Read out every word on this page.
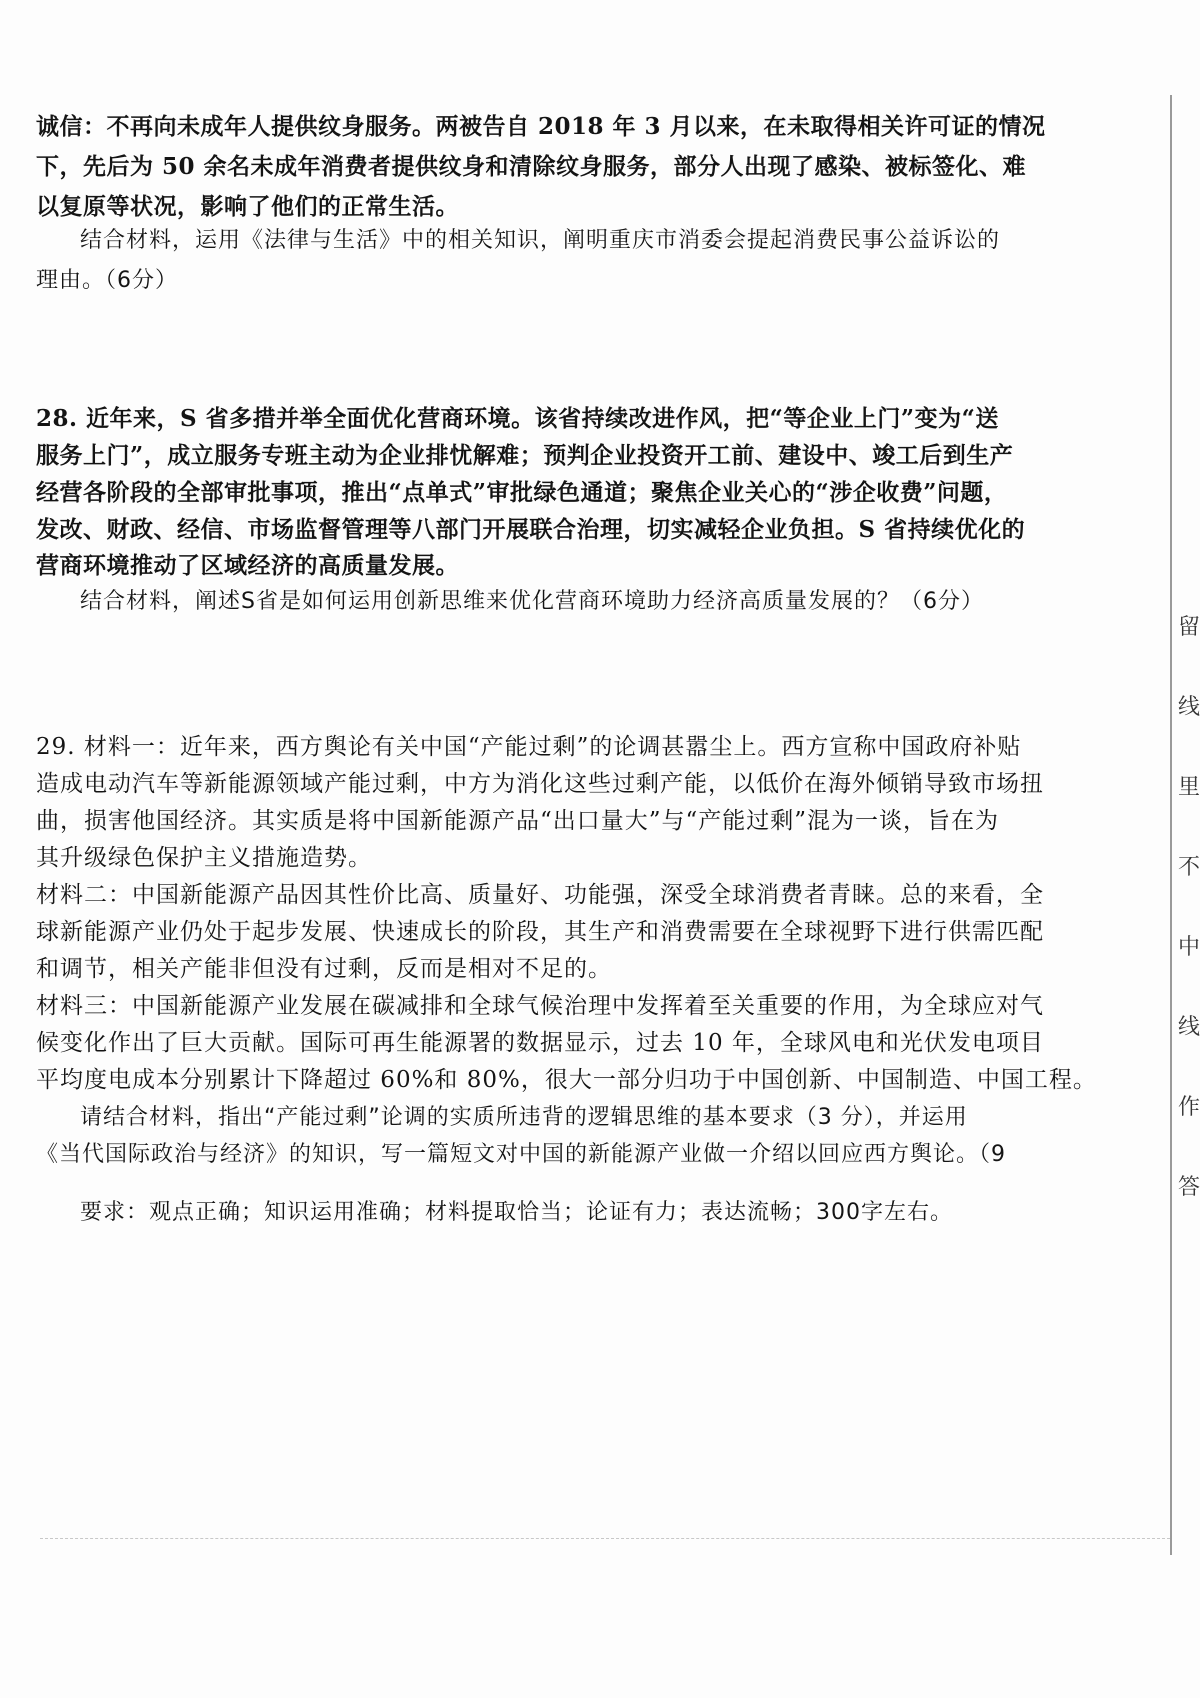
诚信：不再向未成年人提供纹身服务。两被告自 2018 年 3 月以来，在未取得相关许可证的情况
下，先后为 50 余名未成年消费者提供纹身和清除纹身服务，部分人出现了感染、被标签化、难
以复原等状况，影响了他们的正常生活。
结合材料，运用《法律与生活》中的相关知识，阐明重庆市消委会提起消费民事公益诉讼的
理由。（6分）
28. 近年来，S 省多措并举全面优化营商环境。该省持续改进作风，把“等企业上门”变为“送
服务上门”，成立服务专班主动为企业排忧解难；预判企业投资开工前、建设中、竣工后到生产
经营各阶段的全部审批事项，推出“点单式”审批绿色通道；聚焦企业关心的“涉企收费”问题，
发改、财政、经信、市场监督管理等八部门开展联合治理，切实减轻企业负担。S 省持续优化的
营商环境推动了区域经济的高质量发展。
结合材料，阐述S省是如何运用创新思维来优化营商环境助力经济高质量发展的？（6分）
29. 材料一：近年来，西方舆论有关中国“产能过剩”的论调甚嚣尘上。西方宣称中国政府补贴
造成电动汽车等新能源领域产能过剩，中方为消化这些过剩产能，以低价在海外倾销导致市场扭
曲，损害他国经济。其实质是将中国新能源产品“出口量大”与“产能过剩”混为一谈，旨在为
其升级绿色保护主义措施造势。
材料二：中国新能源产品因其性价比高、质量好、功能强，深受全球消费者青睐。总的来看，全
球新能源产业仍处于起步发展、快速成长的阶段，其生产和消费需要在全球视野下进行供需匹配
和调节，相关产能非但没有过剩，反而是相对不足的。
材料三：中国新能源产业发展在碳减排和全球气候治理中发挥着至关重要的作用，为全球应对气
候变化作出了巨大贡献。国际可再生能源署的数据显示，过去 10 年，全球风电和光伏发电项目
平均度电成本分别累计下降超过 60%和 80%，很大一部分归功于中国创新、中国制造、中国工程。
请结合材料，指出“产能过剩”论调的实质所违背的逻辑思维的基本要求（3 分），并运用
《当代国际政治与经济》的知识，写一篇短文对中国的新能源产业做一介绍以回应西方舆论。（9
要求：观点正确；知识运用准确；材料提取恰当；论证有力；表达流畅；300字左右。
留
线
里
不
中
线
作
答
